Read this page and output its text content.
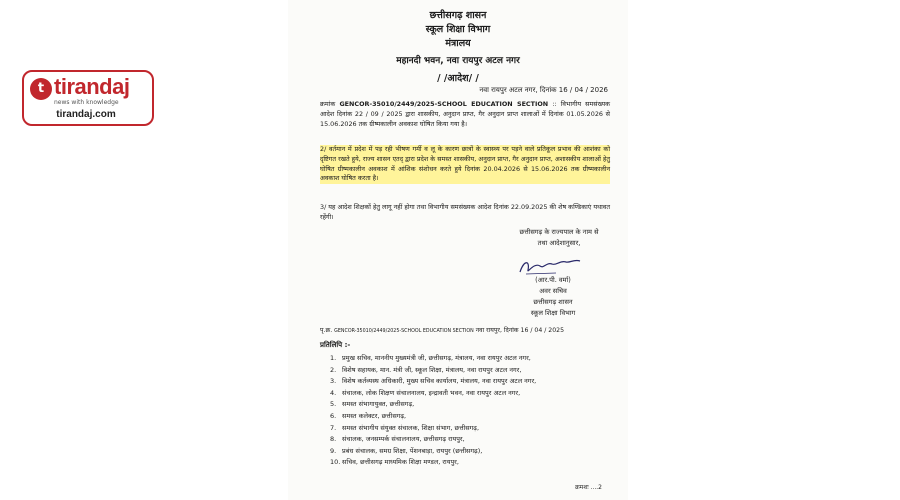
t tirandaj
news with knowledge
tirandaj.com
छत्तीसगढ़ शासन
स्कूल शिक्षा विभाग
मंत्रालय
महानदी भवन, नवा रायपुर अटल नगर
/ /आदेश/ /
नवा रायपुर अटल नगर, दिनांक 16 / 04 / 2026
क्रमांक GENCOR-35010/2449/2025-SCHOOL EDUCATION SECTION :: विभागीय समसंख्यक आदेश दिनांक 22 / 09 / 2025 द्वारा शासकीय, अनुदान प्राप्त, गैर अनुदान प्राप्त शालाओं में दिनांक 01.05.2026 से 15.06.2026 तक ग्रीष्मकालीन अवकाश घोषित किया गया है।
2/ वर्तमान में प्रदेश में पड़ रही भीषण गर्मी व लू के कारण छात्रों के स्वास्थ्य पर पड़ने वाले प्रतिकूल प्रभाव की आशंका को दृष्टिगत रखते हुये, राज्य शासन एतद् द्वारा प्रदेश के समस्त शासकीय, अनुदान प्राप्त, गैर अनुदान प्राप्त, अशासकीय शालाओं हेतु घोषित ग्रीष्मकालीन अवकाश में आंशिक संशोधन करते हुये दिनांक 20.04.2026 से 15.06.2026 तक ग्रीष्मकालीन अवकाश घोषित करता है।
3/ यह आदेश शिक्षकों हेतु लागू नहीं होगा तथा विभागीय समसंख्यक आदेश दिनांक 22.09.2025 की शेष कण्डिकाएं यथावत रहेंगी।
छत्तीसगढ़ के राज्यपाल के नाम से
तथा आदेशानुसार,
(आर.पी. वर्मा)
अवर सचिव
छत्तीसगढ़ शासन
स्कूल शिक्षा विभाग
पृ.क्र. GENCOR-35010/2449/2025-SCHOOL EDUCATION SECTION नवा रायपुर, दिनांक 16 / 04 / 2025
प्रतिलिपि :-
1. प्रमुख सचिव, माननीय मुख्यमंत्री जी, छत्तीसगढ़, मंत्रालय, नवा रायपुर अटल नगर,
2. विशेष सहायक, मान. मंत्री जी, स्कूल शिक्षा, मंत्रालय, नवा रायपुर अटल नगर,
3. विशेष कर्तव्यस्थ अधिकारी, मुख्य सचिव कार्यालय, मंत्रालय, नवा रायपुर अटल नगर,
4. संचालक, लोक शिक्षण संचालनालय, इन्द्रावती भवन, नवा रायपुर अटल नगर,
5. समस्त संभागायुक्त, छत्तीसगढ़,
6. समस्त कलेक्टर, छत्तीसगढ़,
7. समस्त संभागीय संयुक्त संचालक, शिक्षा संभाग, छत्तीसगढ़,
8. संचालक, जनसम्पर्क संचालनालय, छत्तीसगढ़ रायपुर,
9. प्रबंध संचालक, समग्र शिक्षा, पेंशनबाड़ा, रायपुर (छत्तीसगढ़),
10. सचिव, छत्तीसगढ़ माध्यमिक शिक्षा मण्डल, रायपुर,
क्रमशः ....2
